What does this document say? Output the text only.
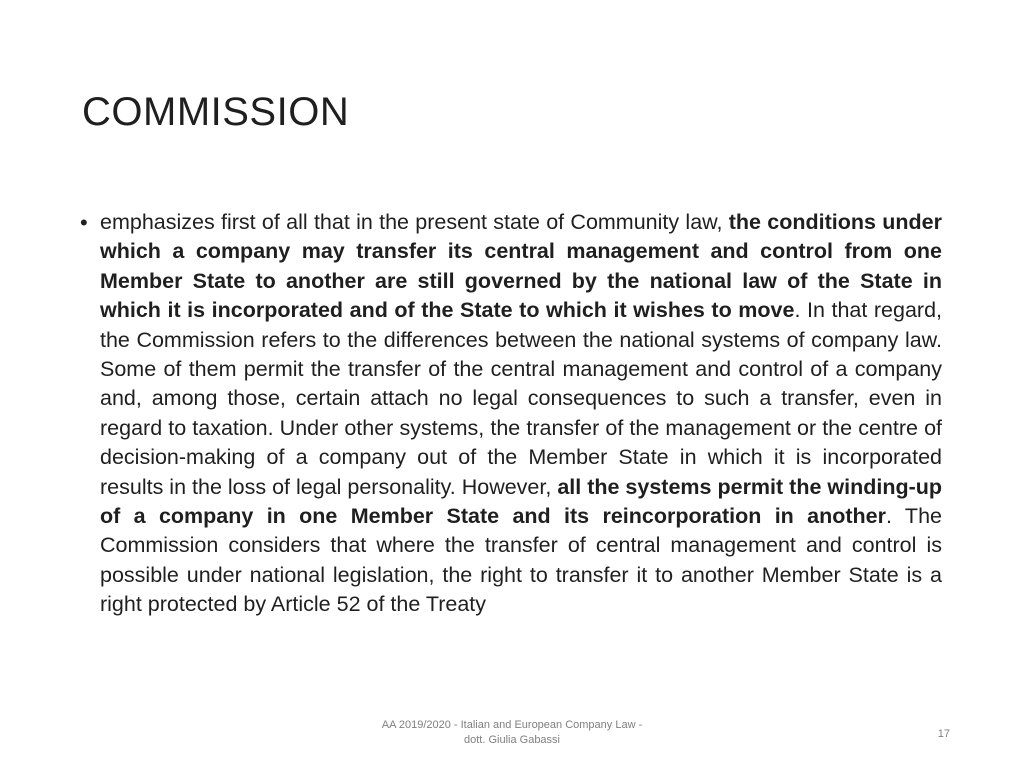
COMMISSION
• emphasizes first of all that in the present state of Community law, the conditions under which a company may transfer its central management and control from one Member State to another are still governed by the national law of the State in which it is incorporated and of the State to which it wishes to move. In that regard, the Commission refers to the differences between the national systems of company law. Some of them permit the transfer of the central management and control of a company and, among those, certain attach no legal consequences to such a transfer, even in regard to taxation. Under other systems, the transfer of the management or the centre of decision-making of a company out of the Member State in which it is incorporated results in the loss of legal personality. However, all the systems permit the winding-up of a company in one Member State and its reincorporation in another. The Commission considers that where the transfer of central management and control is possible under national legislation, the right to transfer it to another Member State is a right protected by Article 52 of the Treaty

AA 2019/2020 - Italian and European Company Law -
dott. Giulia Gabassi	17
